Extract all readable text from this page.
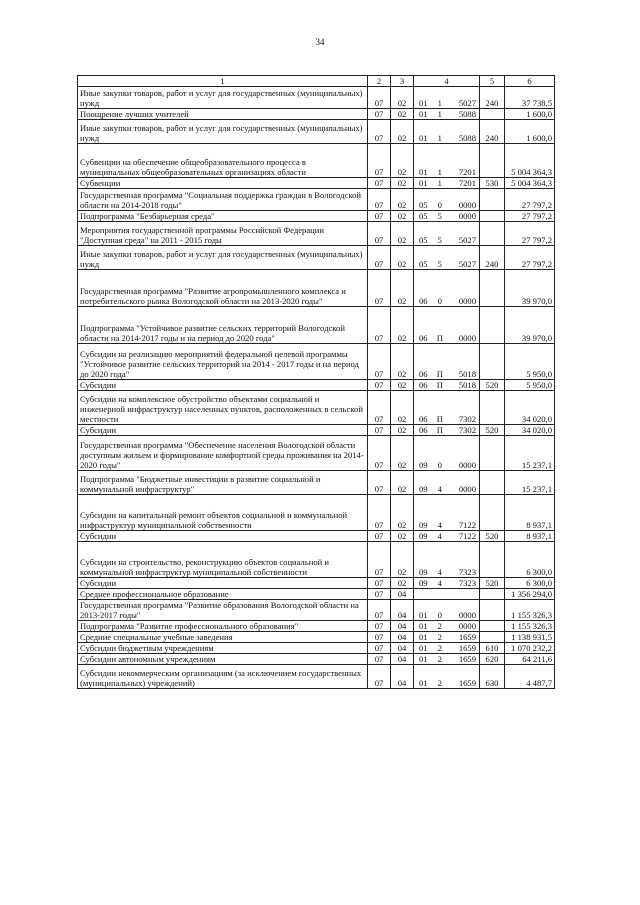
34
1	2	3	4	5	6
Иные закупки товаров, работ и услуг для государственных (муниципальных) нужд	07	02	01 1 5027	240	37 738,5
Поощрение лучших учителей	07	02	01 1 5088		1 600,0
Иные закупки товаров, работ и услуг для государственных (муниципальных) нужд	07	02	01 1 5088	240	1 600,0
Субвенции на обеспечение общеобразовательного процесса в муниципальных общеобразовательных организациях области	07	02	01 1 7201		5 004 364,3
Субвенции	07	02	01 1 7201	530	5 004 364,3
Государственная программа "Социальная поддержка граждан в Вологодской области на 2014-2018 годы"	07	02	05 0 0000		27 797,2
Подпрограмма "Безбарьерная среда"	07	02	05 5 0000		27 797,2
Мероприятия государственной программы Российской Федерации "Доступная среда" на 2011 - 2015 годы	07	02	05 5 5027		27 797,2
Иные закупки товаров, работ и услуг для государственных (муниципальных) нужд	07	02	05 5 5027	240	27 797,2
Государственная программа "Развитие агропромышленного комплекса и потребительского рынка Вологодской области на 2013-2020 годы"	07	02	06 0 0000		39 970,0
Подпрограмма "Устойчивое развитие сельских территорий Вологодской области на 2014-2017 годы и на период до 2020 года"	07	02	06 П 0000		39 970,0
Субсидии на реализацию мероприятий федеральной целевой программы "Устойчивое развитие сельских территорий на 2014 - 2017 годы и на период до 2020 года"	07	02	06 П 5018		5 950,0
Субсидии	07	02	06 П 5018	520	5 950,0
Субсидии на комплексное обустройство объектами социальной и инженерной инфраструктур населенных пунктов, расположенных в сельской местности	07	02	06 П 7302		34 020,0
Субсидии	07	02	06 П 7302	520	34 020,0
Государственная программа "Обеспечение населения Вологодской области доступным жильем и формирование комфортной среды проживания на 2014-2020 годы"	07	02	09 0 0000		15 237,1
Подпрограмма "Бюджетные инвестиции в развитие социальной и коммунальной инфраструктур"	07	02	09 4 0000		15 237,1
Субсидии на капитальный ремонт объектов социальной и коммунальной инфраструктур муниципальной собственности	07	02	09 4 7122		8 937,1
Субсидии	07	02	09 4 7122	520	8 937,1
Субсидии на строительство, реконструкцию объектов социальной и коммунальной инфраструктур муниципальной собственности	07	02	09 4 7323		6 300,0
Субсидии	07	02	09 4 7323	520	6 300,0
Среднее профессиональное образование	07	04			1 356 294,0
Государственная программа "Развитие образования Вологодской области на 2013-2017 годы"	07	04	01 0 0000		1 155 326,3
Подпрограмма "Развитие профессионального образования"	07	04	01 2 0000		1 155 326,3
Средние специальные учебные заведения	07	04	01 2 1659		1 138 931,5
Субсидии бюджетным учреждениям	07	04	01 2 1659	610	1 070 232,2
Субсидии автономным учреждениям	07	04	01 2 1659	620	64 211,6
Субсидии некоммерческим организациям (за исключением государственных (муниципальных) учреждений)	07	04	01 2 1659	630	4 487,7
